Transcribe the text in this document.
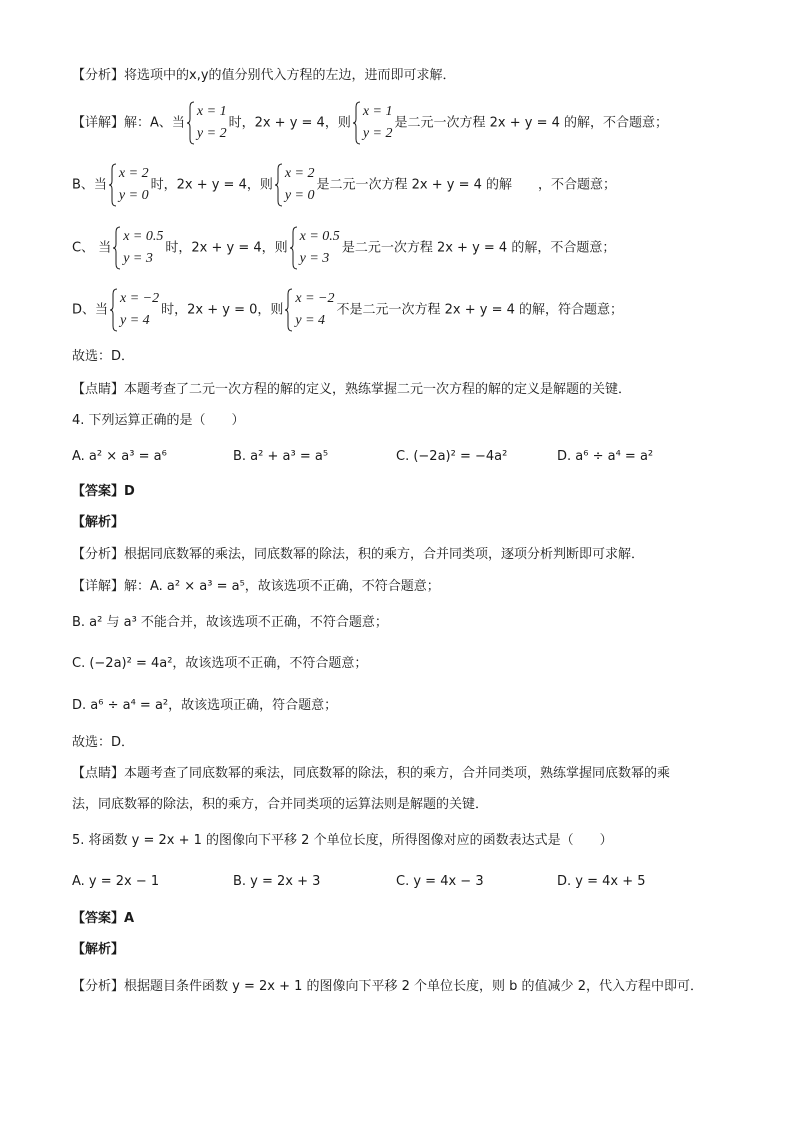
【分析】将选项中的x,y的值分别代入方程的左边，进而即可求解．
【详解】解：A、当
x = 1
y = 2
时，2x + y = 4，则
x = 1
y = 2
是二元一次方程 2x + y = 4 的解，不合题意；
B、当
x = 2
y = 0
时，2x + y = 4，则
x = 2
y = 0
是二元一次方程 2x + y = 4 的解　　，不合题意；
C、 当
x = 0.5
y = 3
时，2x + y = 4，则
x = 0.5
y = 3
是二元一次方程 2x + y = 4 的解，不合题意；
D、当
x = −2
y = 4
时，2x + y = 0，则
x = −2
y = 4
不是二元一次方程 2x + y = 4 的解，符合题意；
故选：D．
【点睛】本题考查了二元一次方程的解的定义，熟练掌握二元一次方程的解的定义是解题的关键．
4. 下列运算正确的是（　　）
A. a² × a³ = a⁶	B. a² + a³ = a⁵	C. (−2a)² = −4a²	D. a⁶ ÷ a⁴ = a²
【答案】D
【解析】
【分析】根据同底数幂的乘法，同底数幂的除法，积的乘方，合并同类项，逐项分析判断即可求解．
【详解】解：A. a² × a³ = a⁵，故该选项不正确，不符合题意；
B. a² 与 a³ 不能合并，故该选项不正确，不符合题意；
C. (−2a)² = 4a²，故该选项不正确，不符合题意；
D. a⁶ ÷ a⁴ = a²，故该选项正确，符合题意；
故选：D．
【点睛】本题考查了同底数幂的乘法，同底数幂的除法，积的乘方，合并同类项，熟练掌握同底数幂的乘
法，同底数幂的除法，积的乘方，合并同类项的运算法则是解题的关键．
5. 将函数 y = 2x + 1 的图像向下平移 2 个单位长度，所得图像对应的函数表达式是（　　）
A. y = 2x − 1	B. y = 2x + 3	C. y = 4x − 3	D. y = 4x + 5
【答案】A
【解析】
【分析】根据题目条件函数 y = 2x + 1 的图像向下平移 2 个单位长度，则 b 的值减少 2，代入方程中即可．
